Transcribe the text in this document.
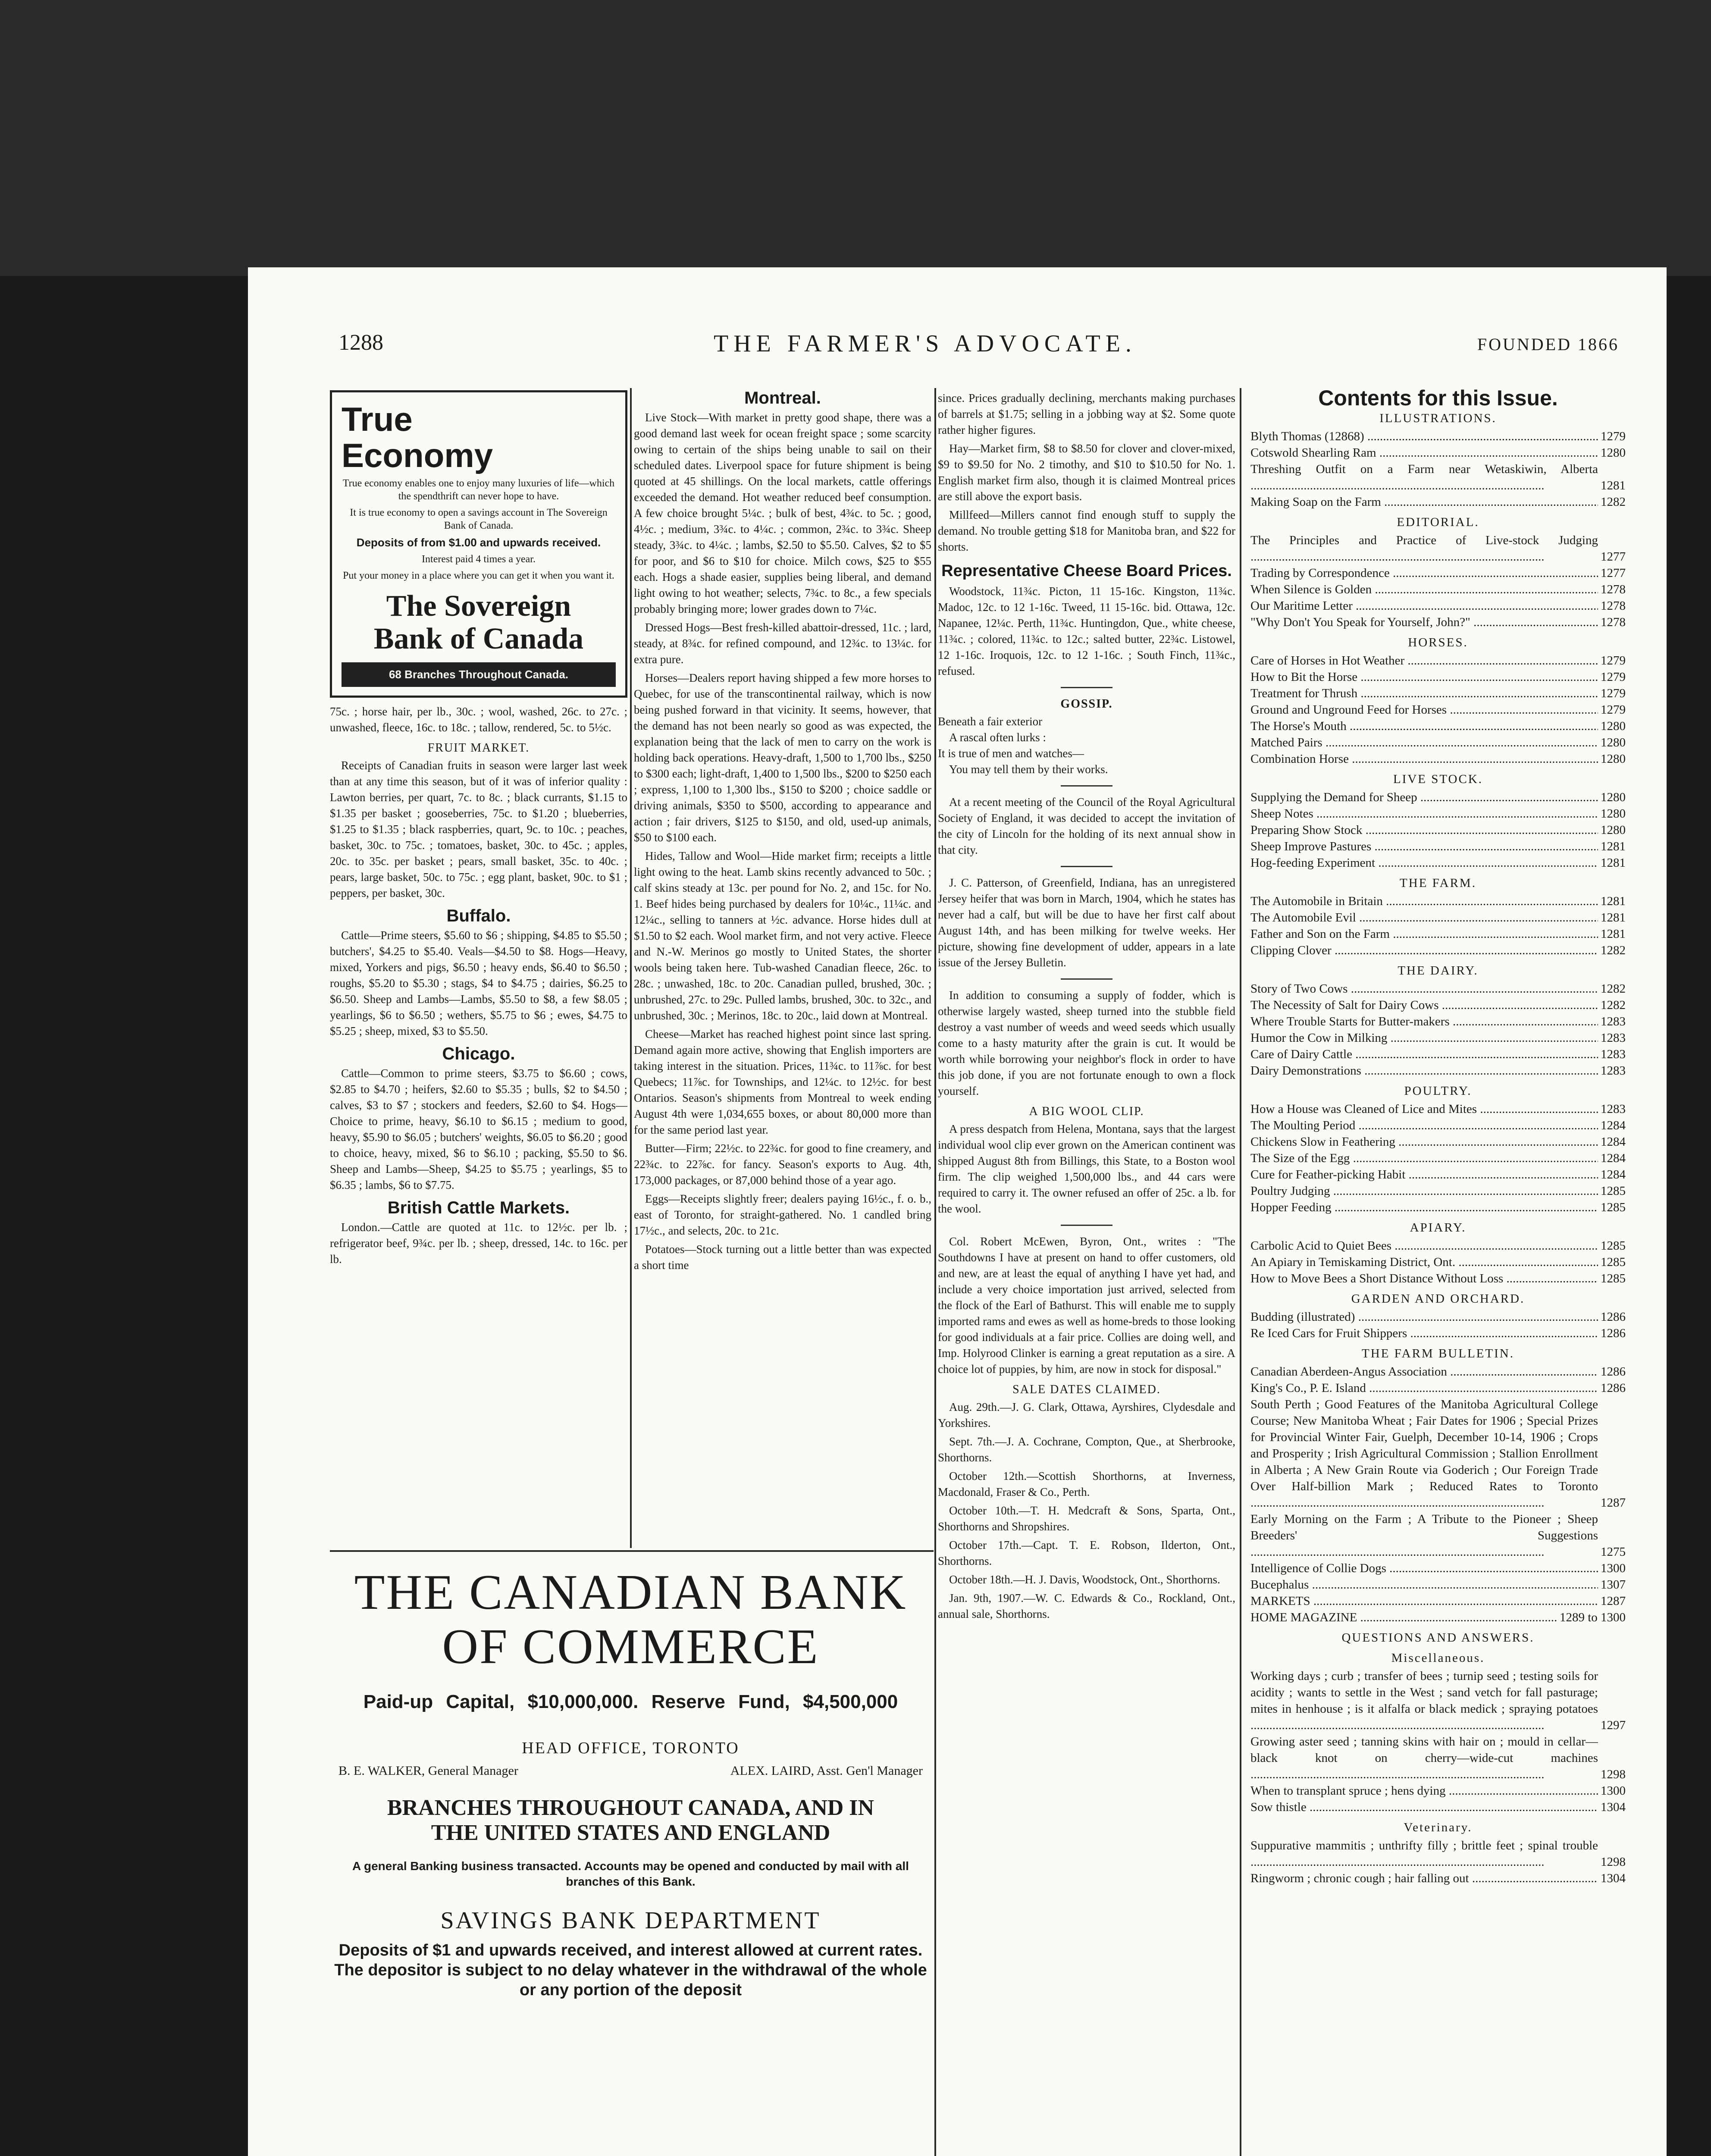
1288	THE FARMER'S ADVOCATE.	FOUNDED 1866
True
Economy
True economy enables one to enjoy many luxuries of life—which the spendthrift can never hope to have.
It is true economy to open a savings account in The Sovereign Bank of Canada.
Deposits of from $1.00 and upwards received.
Interest paid 4 times a year.
Put your money in a place where you can get it when you want it.
The Sovereign
Bank of Canada
68 Branches Throughout Canada.

75c. ; horse hair, per lb., 30c. ; wool, washed, 26c. to 27c. ; unwashed, fleece, 16c. to 18c. ; tallow, rendered, 5c. to 5½c.

FRUIT MARKET.

Receipts of Canadian fruits in season were larger last week than at any time this season, but of it was of inferior quality : Lawton berries, per quart, 7c. to 8c. ; black currants, $1.15 to $1.35 per basket ; gooseberries, 75c. to $1.20 ; blueberries, $1.25 to $1.35 ; black raspberries, quart, 9c. to 10c. ; peaches, basket, 30c. to 75c. ; tomatoes, basket, 30c. to 45c. ; apples, 20c. to 35c. per basket ; pears, small basket, 35c. to 40c. ; pears, large basket, 50c. to 75c. ; egg plant, basket, 90c. to $1 ; peppers, per basket, 30c.

Buffalo.

Cattle—Prime steers, $5.60 to $6 ; shipping, $4.85 to $5.50 ; butchers', $4.25 to $5.40. Veals—$4.50 to $8. Hogs—Heavy, mixed, Yorkers and pigs, $6.50 ; heavy ends, $6.40 to $6.50 ; roughs, $5.20 to $5.30 ; stags, $4 to $4.75 ; dairies, $6.25 to $6.50. Sheep and Lambs—Lambs, $5.50 to $8, a few $8.05 ; yearlings, $6 to $6.50 ; wethers, $5.75 to $6 ; ewes, $4.75 to $5.25 ; sheep, mixed, $3 to $5.50.

Chicago.

Cattle—Common to prime steers, $3.75 to $6.60 ; cows, $2.85 to $4.70 ; heifers, $2.60 to $5.35 ; bulls, $2 to $4.50 ; calves, $3 to $7 ; stockers and feeders, $2.60 to $4. Hogs—Choice to prime, heavy, $6.10 to $6.15 ; medium to good, heavy, $5.90 to $6.05 ; butchers' weights, $6.05 to $6.20 ; good to choice, heavy, mixed, $6 to $6.10 ; packing, $5.50 to $6. Sheep and Lambs—Sheep, $4.25 to $5.75 ; yearlings, $5 to $6.35 ; lambs, $6 to $7.75.

British Cattle Markets.

London.—Cattle are quoted at 11c. to 12½c. per lb. ; refrigerator beef, 9¾c. per lb. ; sheep, dressed, 14c. to 16c. per lb.

Montreal.

Live Stock—With market in pretty good shape, there was a good demand last week for ocean freight space ; some scarcity owing to certain of the ships being unable to sail on their scheduled dates. Liverpool space for future shipment is being quoted at 45 shillings. On the local markets, cattle offerings exceeded the demand. Hot weather reduced beef consumption. A few choice brought 5¼c. ; bulk of best, 4¾c. to 5c. ; good, 4½c. ; medium, 3¾c. to 4¼c. ; common, 2¾c. to 3¾c. Sheep steady, 3¾c. to 4¼c. ; lambs, $2.50 to $5.50. Calves, $2 to $5 for poor, and $6 to $10 for choice. Milch cows, $25 to $55 each. Hogs a shade easier, supplies being liberal, and demand light owing to hot weather; selects, 7¾c. to 8c., a few specials probably bringing more; lower grades down to 7¼c.

Dressed Hogs—Best fresh-killed abattoir-dressed, 11c. ; lard, steady, at 8¾c. for refined compound, and 12¾c. to 13¼c. for extra pure.

Horses—Dealers report having shipped a few more horses to Quebec, for use of the transcontinental railway, which is now being pushed forward in that vicinity. It seems, however, that the demand has not been nearly so good as was expected, the explanation being that the lack of men to carry on the work is holding back operations. Heavy-draft, 1,500 to 1,700 lbs., $250 to $300 each; light-draft, 1,400 to 1,500 lbs., $200 to $250 each ; express, 1,100 to 1,300 lbs., $150 to $200 ; choice saddle or driving animals, $350 to $500, according to appearance and action ; fair drivers, $125 to $150, and old, used-up animals, $50 to $100 each.

Hides, Tallow and Wool—Hide market firm; receipts a little light owing to the heat. Lamb skins recently advanced to 50c. ; calf skins steady at 13c. per pound for No. 2, and 15c. for No. 1. Beef hides being purchased by dealers for 10¼c., 11¼c. and 12¼c., selling to tanners at ½c. advance. Horse hides dull at $1.50 to $2 each. Wool market firm, and not very active. Fleece and N.-W. Merinos go mostly to United States, the shorter wools being taken here. Tub-washed Canadian fleece, 26c. to 28c. ; unwashed, 18c. to 20c. Canadian pulled, brushed, 30c. ; unbrushed, 27c. to 29c. Pulled lambs, brushed, 30c. to 32c., and unbrushed, 30c. ; Merinos, 18c. to 20c., laid down at Montreal.

Cheese—Market has reached highest point since last spring. Demand again more active, showing that English importers are taking interest in the situation. Prices, 11¾c. to 11⅞c. for best Quebecs; 11⅞c. for Townships, and 12¼c. to 12½c. for best Ontarios. Season's shipments from Montreal to week ending August 4th were 1,034,655 boxes, or about 80,000 more than for the same period last year.

Butter—Firm; 22½c. to 22¾c. for good to fine creamery, and 22¾c. to 22⅞c. for fancy. Season's exports to Aug. 4th, 173,000 packages, or 87,000 behind those of a year ago.

Eggs—Receipts slightly freer; dealers paying 16½c., f. o. b., east of Toronto, for straight-gathered. No. 1 candled bring 17½c., and selects, 20c. to 21c.

Potatoes—Stock turning out a little better than was expected a short time

since. Prices gradually declining, merchants making purchases of barrels at $1.75; selling in a jobbing way at $2. Some quote rather higher figures.

Hay—Market firm, $8 to $8.50 for clover and clover-mixed, $9 to $9.50 for No. 2 timothy, and $10 to $10.50 for No. 1. English market firm also, though it is claimed Montreal prices are still above the export basis.

Millfeed—Millers cannot find enough stuff to supply the demand. No trouble getting $18 for Manitoba bran, and $22 for shorts.

Representative Cheese Board Prices.

Woodstock, 11¾c. Picton, 11 15-16c. Kingston, 11¾c. Madoc, 12c. to 12 1-16c. Tweed, 11 15-16c. bid. Ottawa, 12c. Napanee, 12¼c. Perth, 11¾c. Huntingdon, Que., white cheese, 11¾c. ; colored, 11¾c. to 12c.; salted butter, 22¾c. Listowel, 12 1-16c. Iroquois, 12c. to 12 1-16c. ; South Finch, 11¾c., refused.

GOSSIP.
Beneath a fair exterior
A rascal often lurks :
It is true of men and watches—
You may tell them by their works.

At a recent meeting of the Council of the Royal Agricultural Society of England, it was decided to accept the invitation of the city of Lincoln for the holding of its next annual show in that city.

J. C. Patterson, of Greenfield, Indiana, has an unregistered Jersey heifer that was born in March, 1904, which he states has never had a calf, but will be due to have her first calf about August 14th, and has been milking for twelve weeks. Her picture, showing fine development of udder, appears in a late issue of the Jersey Bulletin.

In addition to consuming a supply of fodder, which is otherwise largely wasted, sheep turned into the stubble field destroy a vast number of weeds and weed seeds which usually come to a hasty maturity after the grain is cut. It would be worth while borrowing your neighbor's flock in order to have this job done, if you are not fortunate enough to own a flock yourself.

A BIG WOOL CLIP.

A press despatch from Helena, Montana, says that the largest individual wool clip ever grown on the American continent was shipped August 8th from Billings, this State, to a Boston wool firm. The clip weighed 1,500,000 lbs., and 44 cars were required to carry it. The owner refused an offer of 25c. a lb. for the wool.

Col. Robert McEwen, Byron, Ont., writes : "The Southdowns I have at present on hand to offer customers, old and new, are at least the equal of anything I have yet had, and include a very choice importation just arrived, selected from the flock of the Earl of Bathurst. This will enable me to supply imported rams and ewes as well as home-breds to those looking for good individuals at a fair price. Collies are doing well, and Imp. Holyrood Clinker is earning a great reputation as a sire. A choice lot of puppies, by him, are now in stock for disposal."

SALE DATES CLAIMED.

Aug. 29th.—J. G. Clark, Ottawa, Ayrshires, Clydesdale and Yorkshires.

Sept. 7th.—J. A. Cochrane, Compton, Que., at Sherbrooke, Shorthorns.

October 12th.—Scottish Shorthorns, at Inverness, Macdonald, Fraser & Co., Perth.

October 10th.—T. H. Medcraft & Sons, Sparta, Ont., Shorthorns and Shropshires.

October 17th.—Capt. T. E. Robson, Ilderton, Ont., Shorthorns.

October 18th.—H. J. Davis, Woodstock, Ont., Shorthorns.

Jan. 9th, 1907.—W. C. Edwards & Co., Rockland, Ont., annual sale, Shorthorns.

Contents for this Issue.
ILLUSTRATIONS.
Blyth Thomas (12868) .....	1279
Cotswold Shearling Ram .....	1280
Threshing Outfit on a Farm near Wetaskiwin, Alberta .....
1281
Making Soap on the Farm .....	1282
EDITORIAL.
The Principles and Practice of Live-stock Judging .....
1277
Trading by Correspondence .....	1277
When Silence is Golden .....	1278
Our Maritime Letter .....	1278
"Why Don't You Speak for Yourself, John?" .....	1278
HORSES.
Care of Horses in Hot Weather .....	1279
How to Bit the Horse .....	1279
Treatment for Thrush .....	1279
Ground and Unground Feed for Horses .....	1279
The Horse's Mouth .....	1280
Matched Pairs .....	1280
Combination Horse .....	1280
LIVE STOCK.
Supplying the Demand for Sheep .....	1280
Sheep Notes .....	1280
Preparing Show Stock .....	1280
Sheep Improve Pastures .....	1281
Hog-feeding Experiment .....	1281
THE FARM.
The Automobile in Britain .....	1281
The Automobile Evil .....	1281
Father and Son on the Farm .....	1281
Clipping Clover .....	1282
THE DAIRY.
Story of Two Cows .....	1282
The Necessity of Salt for Dairy Cows .....	1282
Where Trouble Starts for Butter-makers .....	1283
Humor the Cow in Milking .....	1283
Care of Dairy Cattle .....	1283
Dairy Demonstrations .....	1283
POULTRY.
How a House was Cleaned of Lice and Mites .....	1283
The Moulting Period .....	1284
Chickens Slow in Feathering .....	1284
The Size of the Egg .....	1284
Cure for Feather-picking Habit .....	1284
Poultry Judging .....	1285
Hopper Feeding .....	1285
APIARY.
Carbolic Acid to Quiet Bees .....	1285
An Apiary in Temiskaming District, Ont. .....	1285
How to Move Bees a Short Distance Without Loss .....	1285
GARDEN AND ORCHARD.
Budding (illustrated) .....	1286
Re Iced Cars for Fruit Shippers .....	1286
THE FARM BULLETIN.
Canadian Aberdeen-Angus Association .....	1286
King's Co., P. E. Island .....	1286
South Perth ; Good Features of the Manitoba Agricultural College Course; New Manitoba Wheat ; Fair Dates for 1906 ; Special Prizes for Provincial Winter Fair, Guelph, December 10-14, 1906 ; Crops and Prosperity ; Irish Agricultural Commission ; Stallion Enrollment in Alberta ; A New Grain Route via Goderich ; Our Foreign Trade Over Half-billion Mark ; Reduced Rates to Toronto .....
1287
Early Morning on the Farm ; A Tribute to the Pioneer ; Sheep Breeders' Suggestions .....
1275
Intelligence of Collie Dogs .....	1300
Bucephalus .....	1307
MARKETS .....	1287
HOME MAGAZINE .....	1289 to 1300
QUESTIONS AND ANSWERS.
Miscellaneous.
Working days ; curb ; transfer of bees ; turnip seed ; testing soils for acidity ; wants to settle in the West ; sand vetch for fall pasturage; mites in henhouse ; is it alfalfa or black medick ; spraying potatoes .....
1297
Growing aster seed ; tanning skins with hair on ; mould in cellar—black knot on cherry—wide-cut machines .....
1298
When to transplant spruce ; hens dying .....	1300
Sow thistle .....	1304
Veterinary.
Suppurative mammitis ; unthrifty filly ; brittle feet ; spinal trouble .....
1298
Ringworm ; chronic cough ; hair falling out .....	1304
THE CANADIAN BANK
OF COMMERCE
Paid-up Capital, $10,000,000. Reserve Fund, $4,500,000
HEAD OFFICE, TORONTO
B. E. WALKER, General Manager	ALEX. LAIRD, Asst. Gen'l Manager
BRANCHES THROUGHOUT CANADA, AND IN
THE UNITED STATES AND ENGLAND
A general Banking business transacted. Accounts may be opened and conducted by mail with all branches of this Bank.
SAVINGS BANK DEPARTMENT
Deposits of $1 and upwards received, and interest allowed at current rates. The depositor is subject to no delay whatever in the withdrawal of the whole or any portion of the deposit
